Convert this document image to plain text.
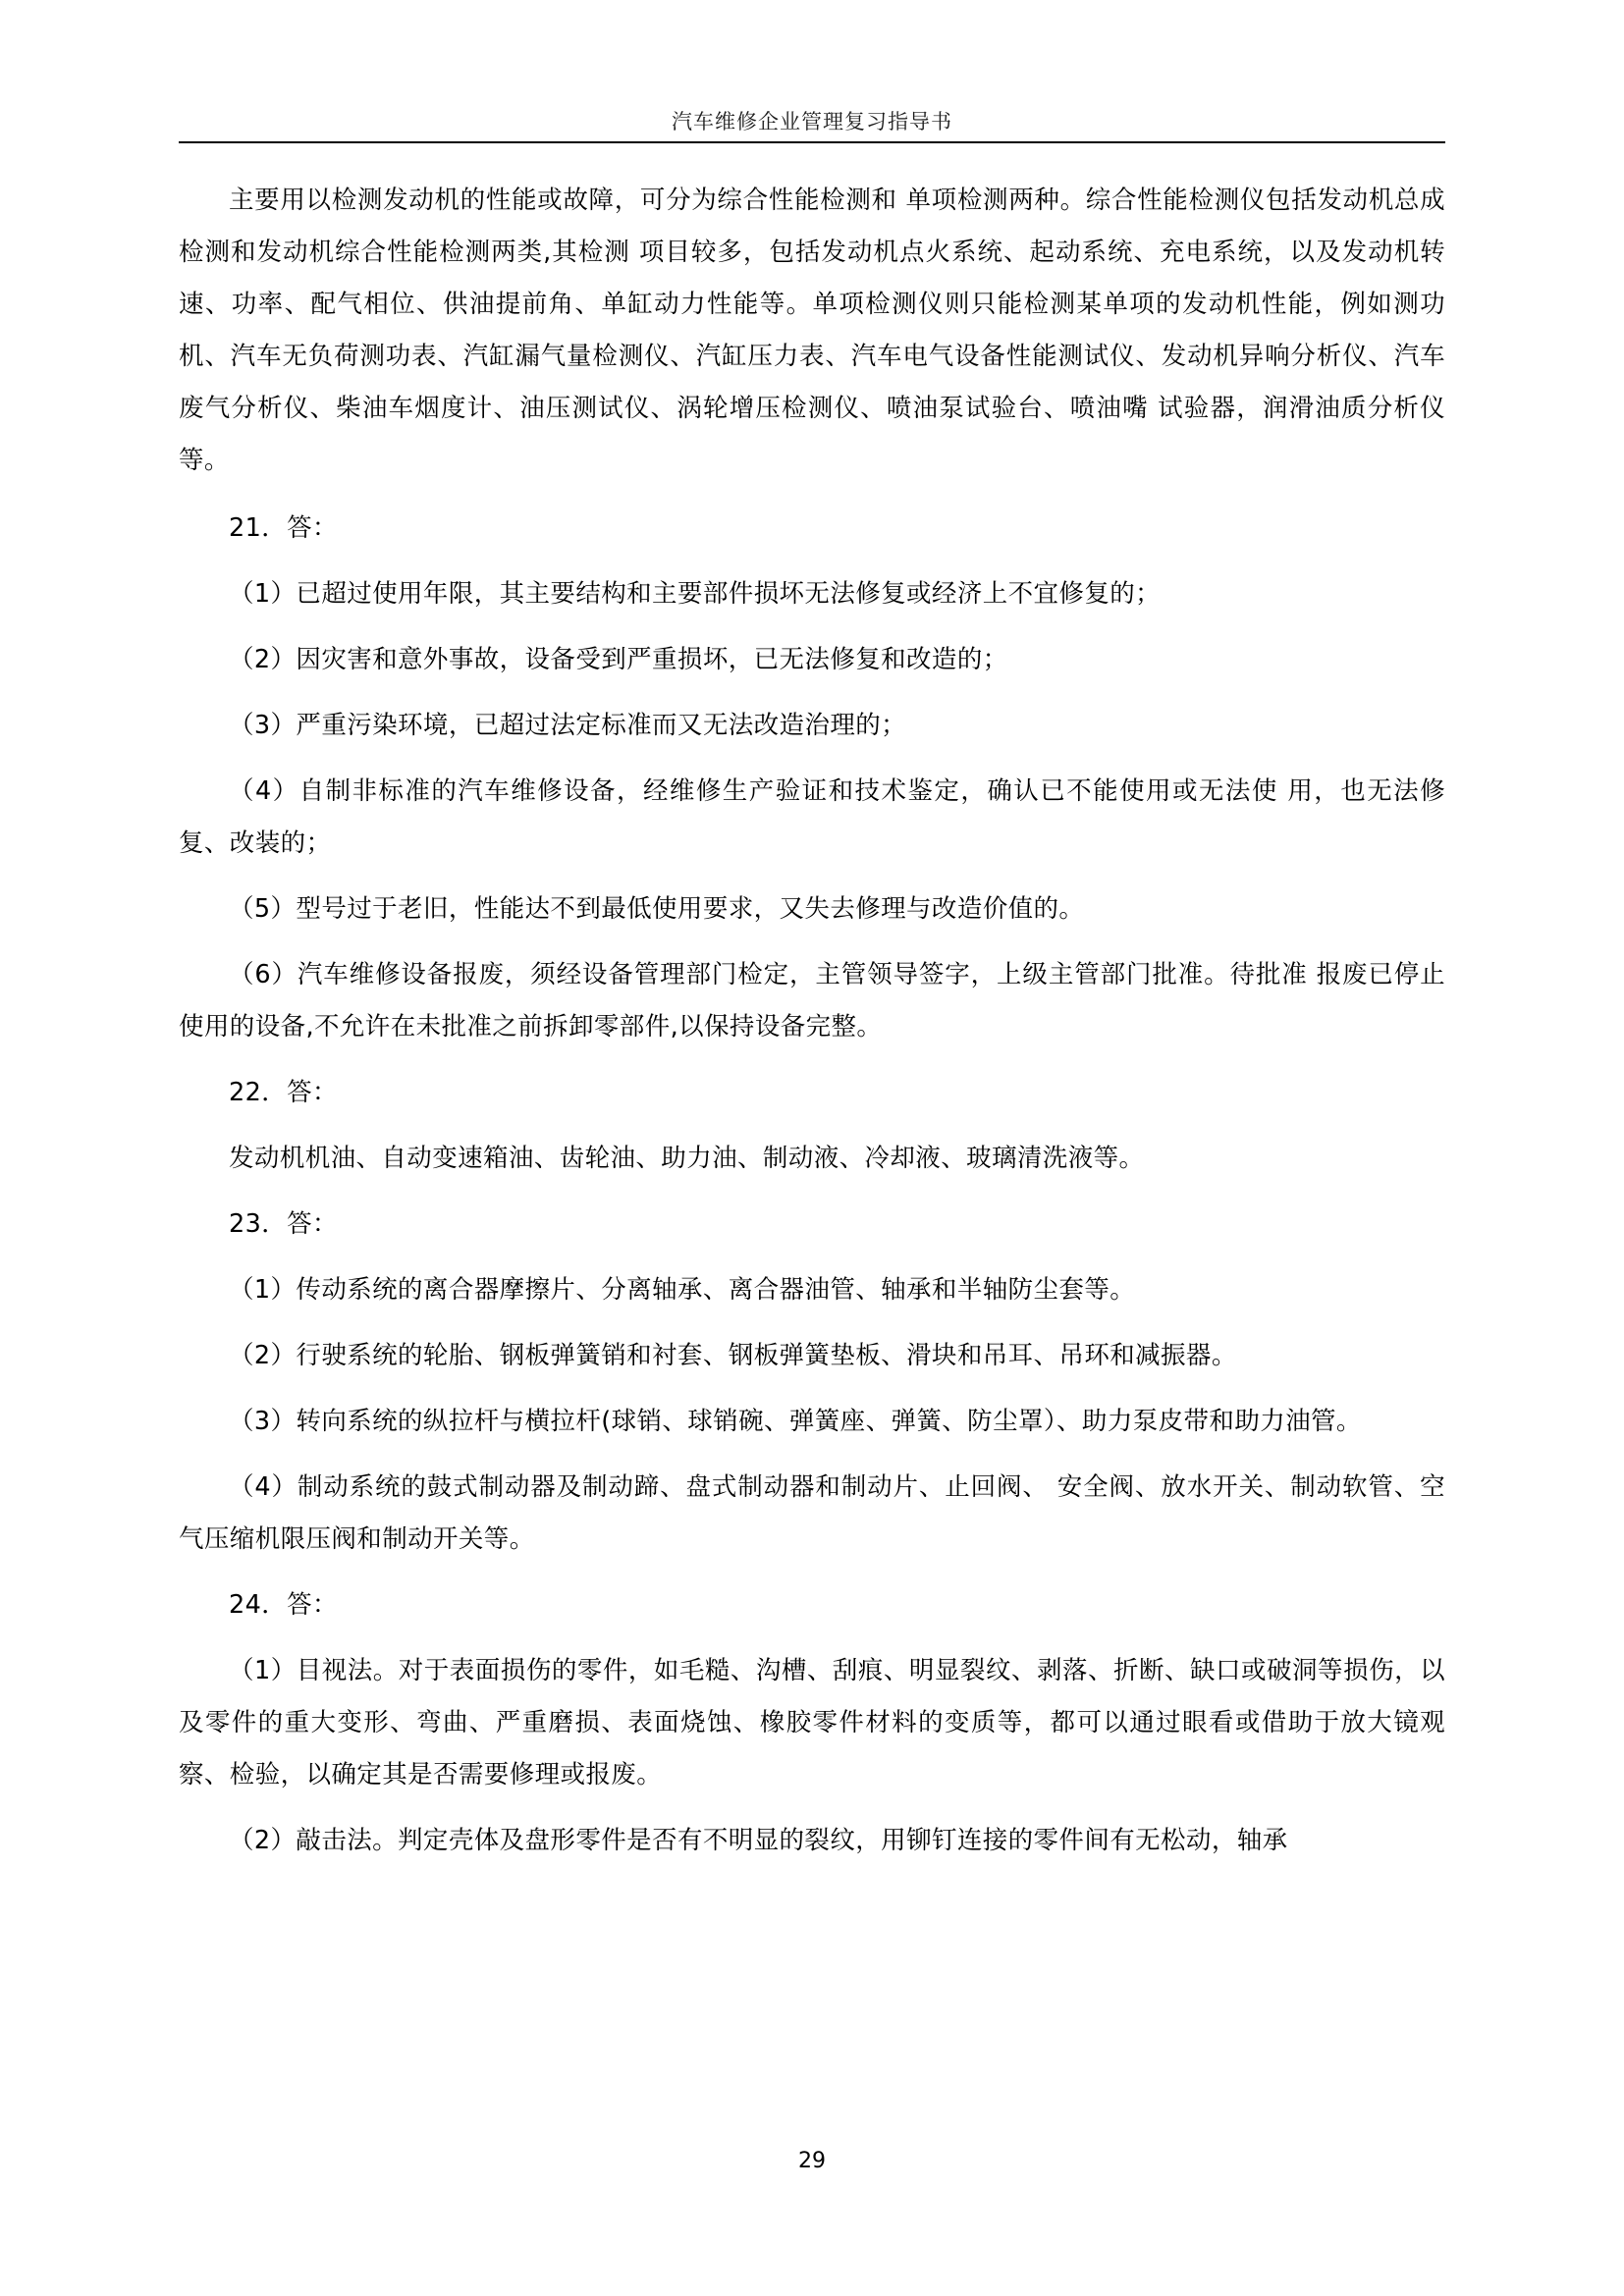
汽车维修企业管理复习指导书

主要用以检测发动机的性能或故障，可分为综合性能检测和 单项检测两种。综合性能检测仪包括发动机总成检测和发动机综合性能检测两类,其检测 项目较多，包括发动机点火系统、起动系统、充电系统，以及发动机转速、功率、配气相位、供油提前角、单缸动力性能等。单项检测仪则只能检测某单项的发动机性能，例如测功机、汽车无负荷测功表、汽缸漏气量检测仪、汽缸压力表、汽车电气设备性能测试仪、发动机异响分析仪、汽车废气分析仪、柴油车烟度计、油压测试仪、涡轮增压检测仪、喷油泵试验台、喷油嘴 试验器，润滑油质分析仪等。

21．答：

（1）已超过使用年限，其主要结构和主要部件损坏无法修复或经济上不宜修复的；

（2）因灾害和意外事故，设备受到严重损坏，已无法修复和改造的；

（3）严重污染环境，已超过法定标准而又无法改造治理的；

（4）自制非标准的汽车维修设备，经维修生产验证和技术鉴定，确认已不能使用或无法使 用，也无法修复、改装的；

（5）型号过于老旧，性能达不到最低使用要求，又失去修理与改造价值的。

（6）汽车维修设备报废，须经设备管理部门检定，主管领导签字，上级主管部门批准。待批准 报废已停止使用的设备,不允许在未批准之前拆卸零部件,以保持设备完整。

22．答：

发动机机油、自动变速箱油、齿轮油、助力油、制动液、冷却液、玻璃清洗液等。

23．答：

（1）传动系统的离合器摩擦片、分离轴承、离合器油管、轴承和半轴防尘套等。

（2）行驶系统的轮胎、钢板弹簧销和衬套、钢板弹簧垫板、滑块和吊耳、吊环和减振器。

（3）转向系统的纵拉杆与横拉杆(球销、球销碗、弹簧座、弹簧、防尘罩）、助力泵皮带和助力油管。

（4）制动系统的鼓式制动器及制动蹄、盘式制动器和制动片、止回阀、 安全阀、放水开关、制动软管、空气压缩机限压阀和制动开关等。

24．答：

（1）目视法。对于表面损伤的零件，如毛糙、沟槽、刮痕、明显裂纹、剥落、折断、缺口或破洞等损伤，以及零件的重大变形、弯曲、严重磨损、表面烧蚀、橡胶零件材料的变质等，都可以通过眼看或借助于放大镜观察、检验，以确定其是否需要修理或报废。

（2）敲击法。判定壳体及盘形零件是否有不明显的裂纹，用铆钉连接的零件间有无松动，轴承

29
